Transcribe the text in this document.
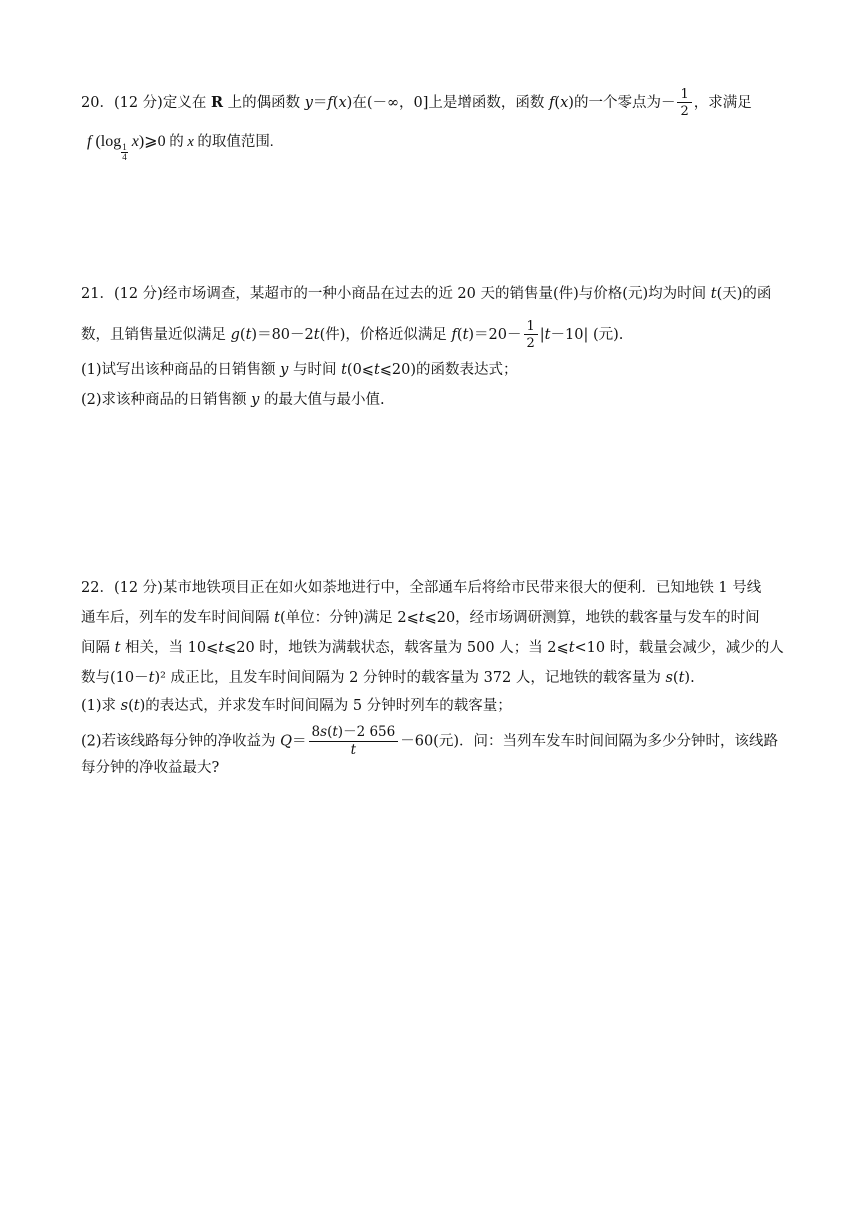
20．(12 分)定义在 R 上的偶函数 y＝f(x)在(－∞，0]上是增函数，函数 f(x)的一个零点为－ $\frac{1}{2}$ ，求满足
f (log
$\frac{1}{4}$
x)⩾0 的 x 的取值范围.
21．(12 分)经市场调查，某超市的一种小商品在过去的近 20 天的销售量(件)与价格(元)均为时间 t(天)的函
数，且销售量近似满足 g(t)＝80－2t(件)，价格近似满足 $f(t)=20- \frac{1}{2} |t-10|$ (元).
(1)试写出该种商品的日销售额 y 与时间 t(0⩽t⩽20)的函数表达式；
(2)求该种商品的日销售额 y 的最大值与最小值.
22．(12 分)某市地铁项目正在如火如荼地进行中，全部通车后将给市民带来很大的便利．已知地铁 1 号线
通车后，列车的发车时间间隔 t(单位：分钟)满足 2⩽t⩽20，经市场调研测算，地铁的载客量与发车的时间
间隔 t 相关，当 10⩽t⩽20 时，地铁为满载状态，载客量为 500 人；当 2⩽t<10 时，载量会减少，减少的人
数与(10－t)² 成正比，且发车时间间隔为 2 分钟时的载客量为 372 人，记地铁的载客量为 s(t).
(1)求 s(t)的表达式，并求发车时间间隔为 5 分钟时列车的载客量；
(2)若该线路每分钟的净收益为 $Q= \frac{8s(t)-2 656}{t} -60$(元)．问：当列车发车时间间隔为多少分钟时，该线路
每分钟的净收益最大?
